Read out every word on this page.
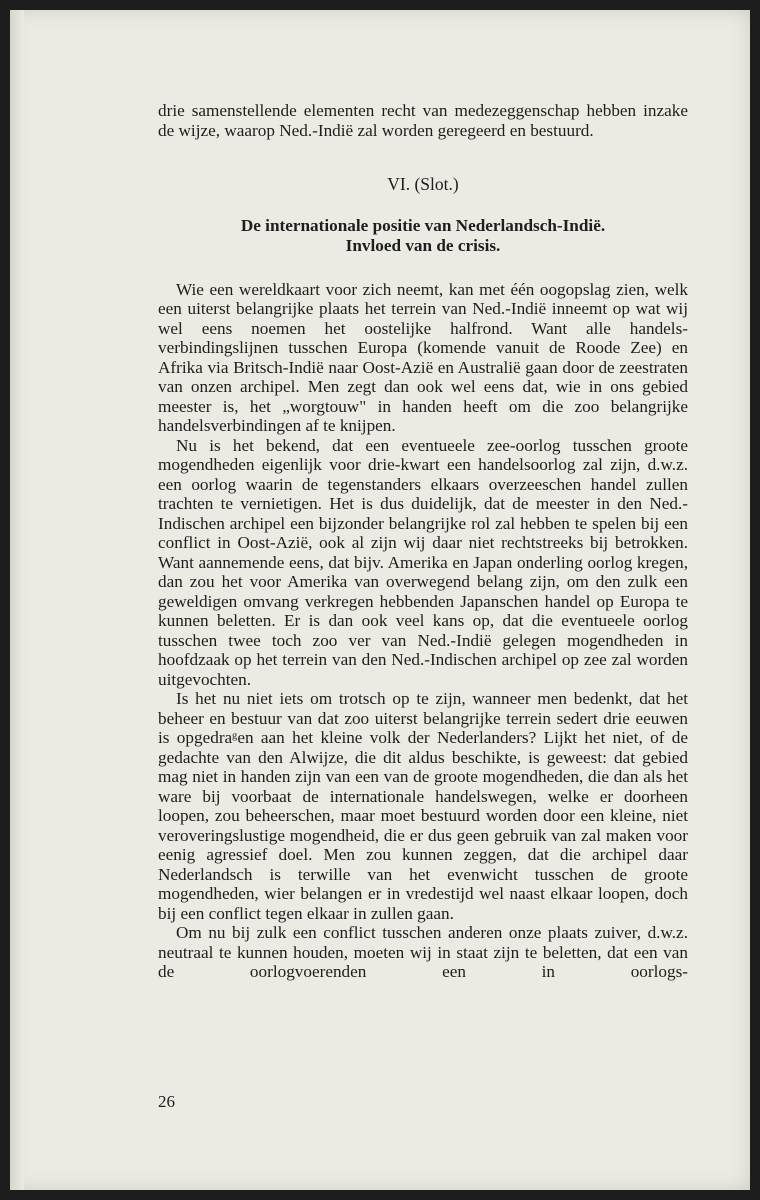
drie samenstellende elementen recht van medezeggenschap hebben inzake de wijze, waarop Ned.-Indië zal worden geregeerd en bestuurd.

VI. (Slot.)

De internationale positie van Nederlandsch-Indië.

Invloed van de crisis.

Wie een wereldkaart voor zich neemt, kan met één oogopslag zien, welk een uiterst belangrijke plaats het terrein van Ned.-Indië inneemt op wat wij wel eens noemen het oostelijke halfrond. Want alle handels-verbindingslijnen tusschen Europa (komende vanuit de Roode Zee) en Afrika via Britsch-Indië naar Oost-Azië en Australië gaan door de zeestraten van onzen archipel. Men zegt dan ook wel eens dat, wie in ons gebied meester is, het „worgtouw" in handen heeft om die zoo belangrijke handelsverbindingen af te knijpen.

Nu is het bekend, dat een eventueele zee-oorlog tusschen groote mogendheden eigenlijk voor drie-kwart een handelsoorlog zal zijn, d.w.z. een oorlog waarin de tegenstanders elkaars overzeeschen handel zullen trachten te vernietigen. Het is dus duidelijk, dat de meester in den Ned.-Indischen archipel een bijzonder belangrijke rol zal hebben te spelen bij een conflict in Oost-Azië, ook al zijn wij daar niet rechtstreeks bij betrokken. Want aannemende eens, dat bijv. Amerika en Japan onderling oorlog kregen, dan zou het voor Amerika van overwegend belang zijn, om den zulk een geweldigen omvang verkregen hebbenden Japanschen handel op Europa te kunnen beletten. Er is dan ook veel kans op, dat die eventueele oorlog tusschen twee toch zoo ver van Ned.-Indië gelegen mogendheden in hoofdzaak op het terrein van den Ned.-Indischen archipel op zee zal worden uitgevochten.

Is het nu niet iets om trotsch op te zijn, wanneer men bedenkt, dat het beheer en bestuur van dat zoo uiterst belangrijke terrein sedert drie eeuwen is opgedraᵍen aan het kleine volk der Nederlanders? Lijkt het niet, of de gedachte van den Alwijze, die dit aldus beschikte, is geweest: dat gebied mag niet in handen zijn van een van de groote mogendheden, die dan als het ware bij voorbaat de internationale handelswegen, welke er doorheen loopen, zou beheerschen, maar moet bestuurd worden door een kleine, niet veroveringslustige mogendheid, die er dus geen gebruik van zal maken voor eenig agressief doel. Men zou kunnen zeggen, dat die archipel daar Nederlandsch is terwille van het evenwicht tusschen de groote mogendheden, wier belangen er in vredestijd wel naast elkaar loopen, doch bij een conflict tegen elkaar in zullen gaan.

Om nu bij zulk een conflict tusschen anderen onze plaats zuiver, d.w.z. neutraal te kunnen houden, moeten wij in staat zijn te beletten, dat een van de oorlogvoerenden een in oorlogs-

26
